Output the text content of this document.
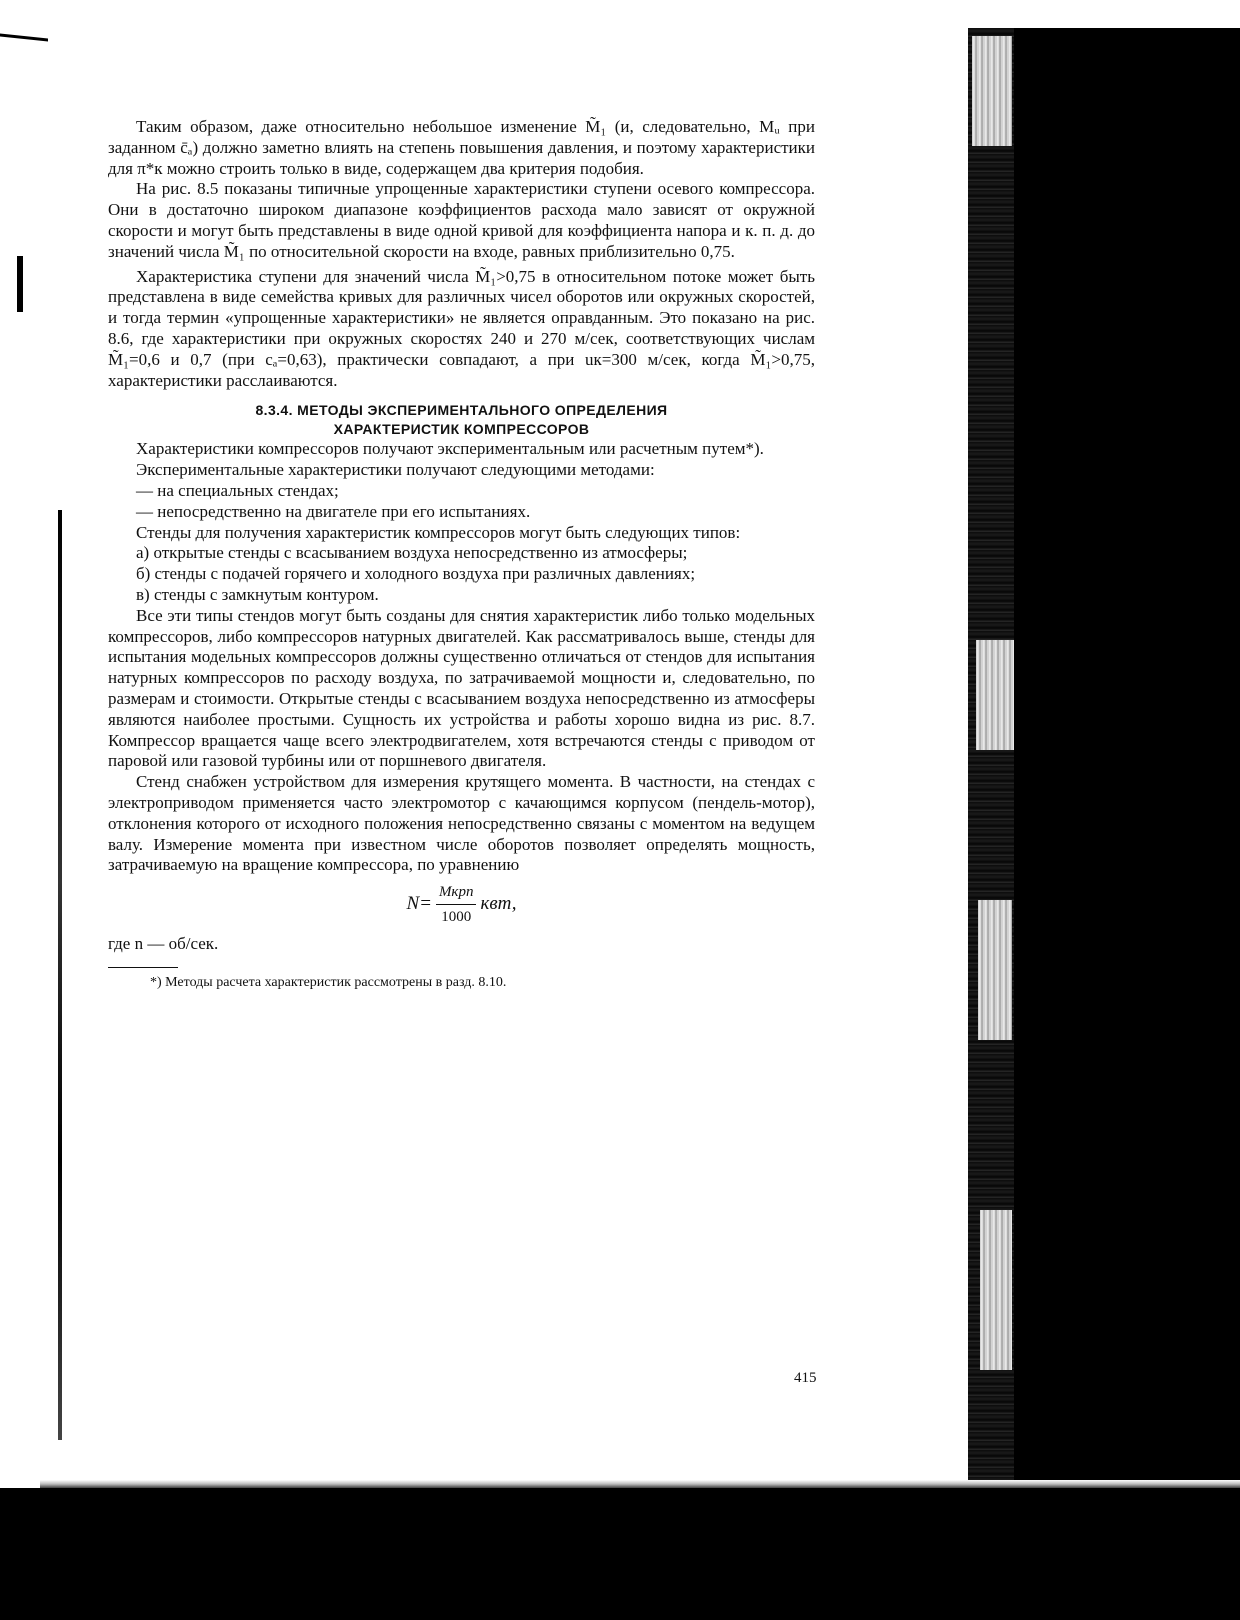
Таким образом, даже относительно небольшое изменение M̃₁ (и, следовательно, Mᵤ при заданном c̄ₐ) должно заметно влиять на степень повышения давления, и поэтому характеристики для π*к можно строить только в виде, содержащем два критерия подобия.

На рис. 8.5 показаны типичные упрощенные характеристики ступени осевого компрессора. Они в достаточно широком диапазоне коэффициентов расхода мало зависят от окружной скорости и могут быть представлены в виде одной кривой для коэффициента напора и к. п. д. до значений числа M̃₁ по относительной скорости на входе, равных приблизительно 0,75.

Характеристика ступени для значений числа M̃₁>0,75 в относительном потоке может быть представлена в виде семейства кривых для различных чисел оборотов или окружных скоростей, и тогда термин «упрощенные характеристики» не является оправданным. Это показано на рис. 8.6, где характеристики при окружных скоростях 240 и 270 м/сек, соответствующих числам M̃₁=0,6 и 0,7 (при cₐ=0,63), практически совпадают, а при uк=300 м/сек, когда M̃₁>0,75, характеристики расслаиваются.

8.3.4. МЕТОДЫ ЭКСПЕРИМЕНТАЛЬНОГО ОПРЕДЕЛЕНИЯ
ХАРАКТЕРИСТИК КОМПРЕССОРОВ

Характеристики компрессоров получают экспериментальным или расчетным путем*).

Экспериментальные характеристики получают следующими методами:

— на специальных стендах;

— непосредственно на двигателе при его испытаниях.

Стенды для получения характеристик компрессоров могут быть следующих типов:

а) открытые стенды с всасыванием воздуха непосредственно из атмосферы;

б) стенды с подачей горячего и холодного воздуха при различных давлениях;

в) стенды с замкнутым контуром.

Все эти типы стендов могут быть созданы для снятия характеристик либо только модельных компрессоров, либо компрессоров натурных двигателей. Как рассматривалось выше, стенды для испытания модельных компрессоров должны существенно отличаться от стендов для испытания натурных компрессоров по расходу воздуха, по затрачиваемой мощности и, следовательно, по размерам и стоимости. Открытые стенды с всасыванием воздуха непосредственно из атмосферы являются наиболее простыми. Сущность их устройства и работы хорошо видна из рис. 8.7. Компрессор вращается чаще всего электродвигателем, хотя встречаются стенды с приводом от паровой или газовой турбины или от поршневого двигателя.

Стенд снабжен устройством для измерения крутящего момента. В частности, на стендах с электроприводом применяется часто электромотор с качающимся корпусом (пендель-мотор), отклонения которого от исходного положения непосредственно связаны с моментом на ведущем валу. Измерение момента при известном числе оборотов позволяет определять мощность, затрачиваемую на вращение компрессора, по уравнению

$N= \frac{\text{Mкрn}}{1000}$ квт,

где n — об/сек.

*) Методы расчета характеристик рассмотрены в разд. 8.10.

415
